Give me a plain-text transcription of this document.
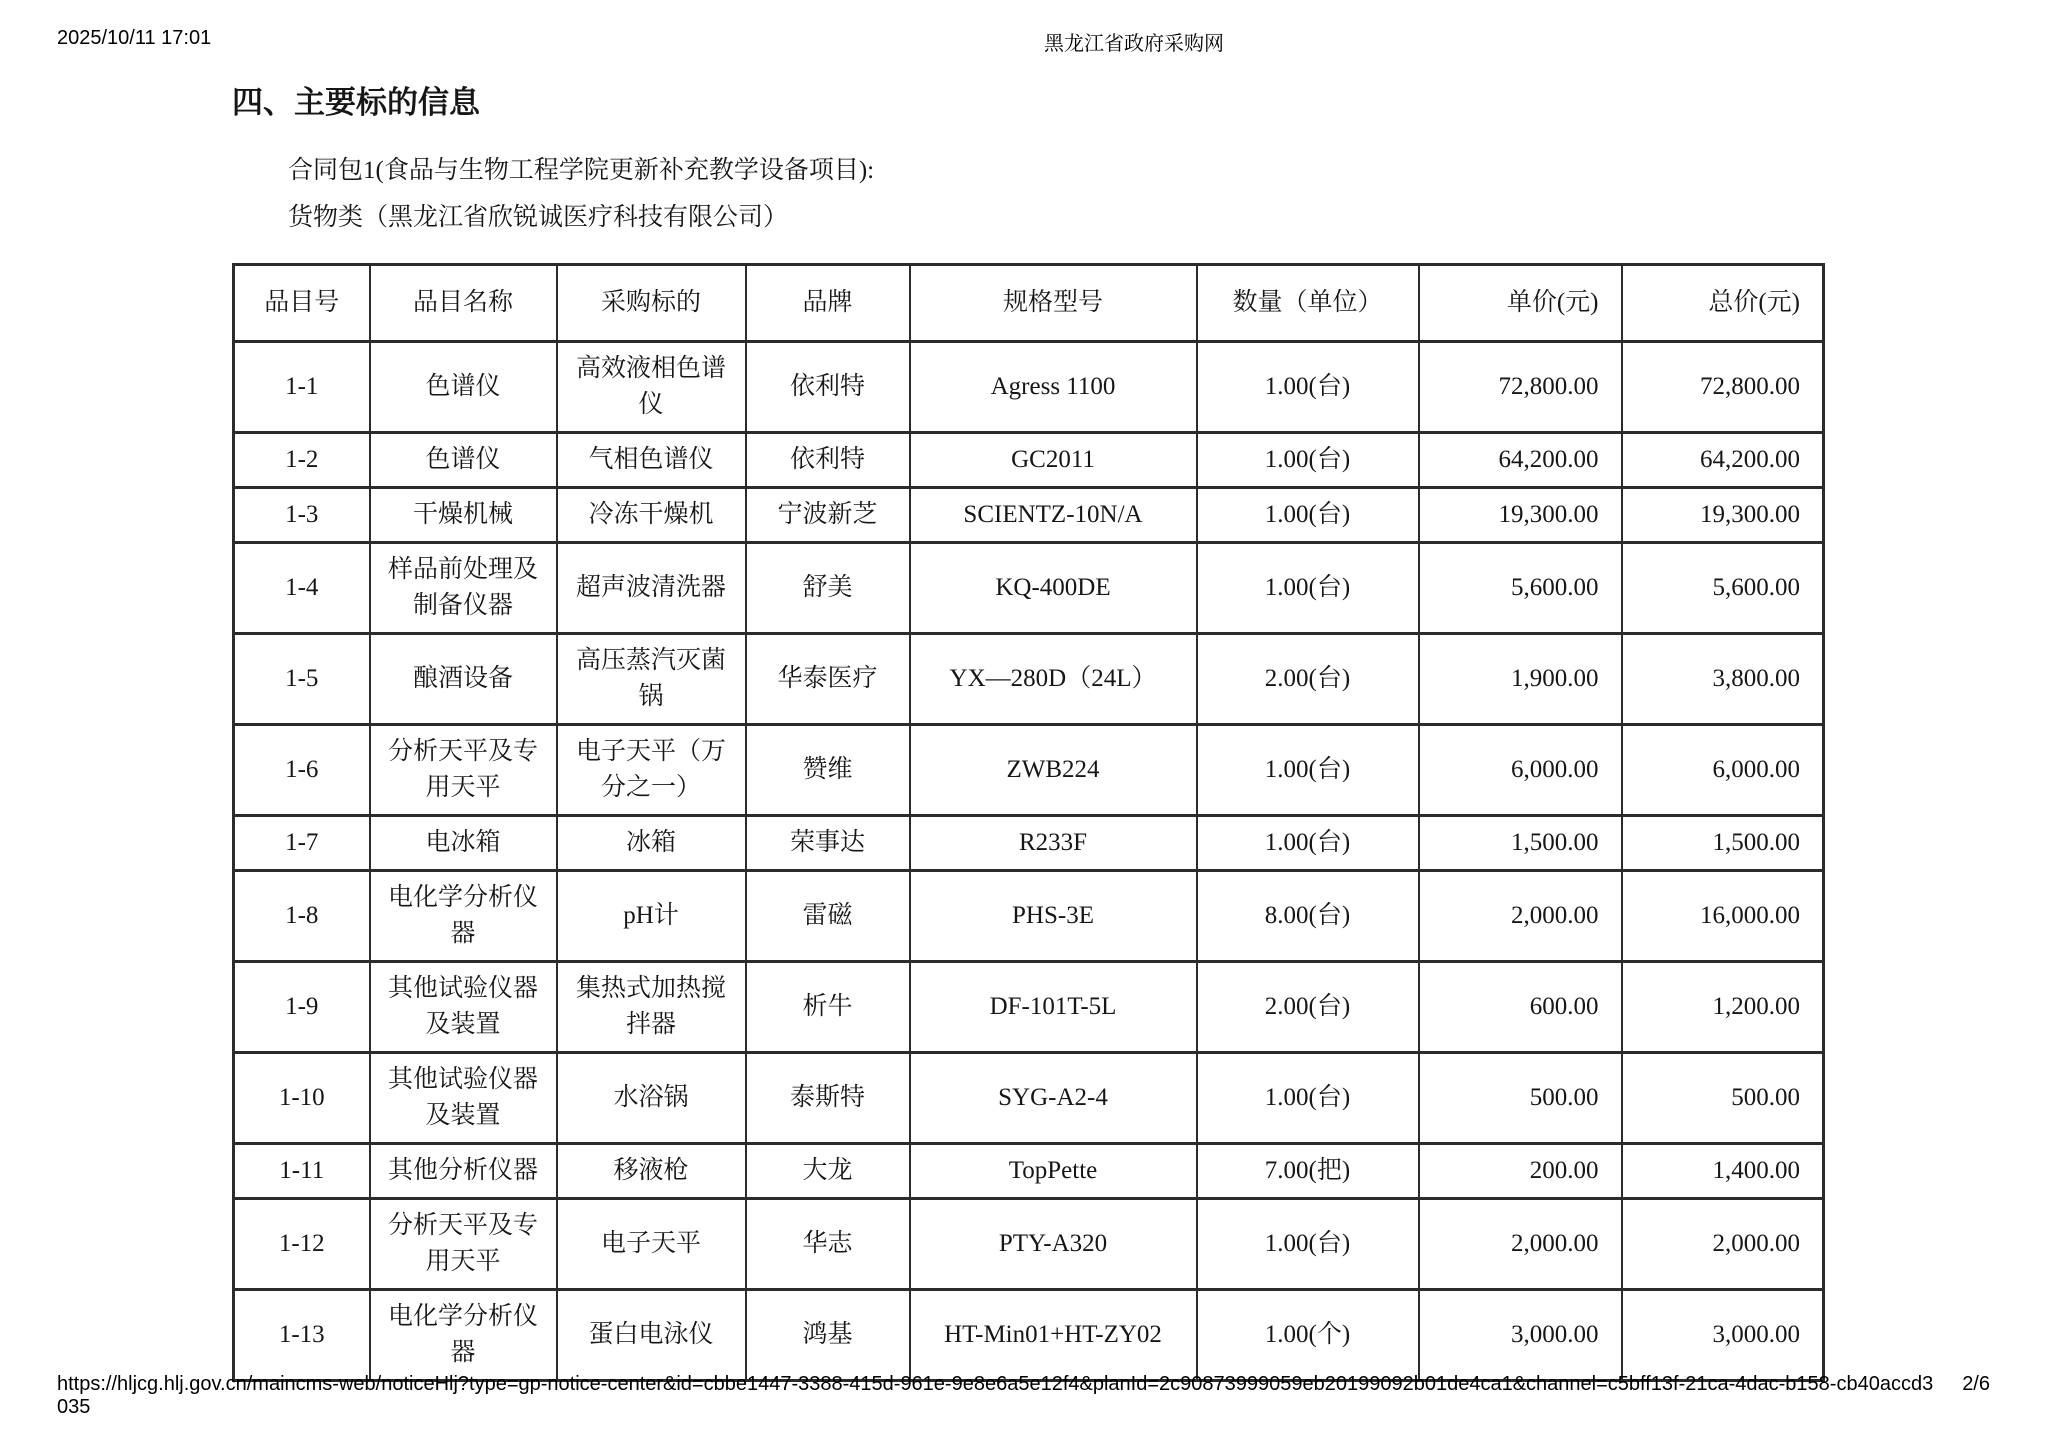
2025/10/11 17:01	黑龙江省政府采购网
四、主要标的信息

合同包1(食品与生物工程学院更新补充教学设备项目):

货物类（黑龙江省欣锐诚医疗科技有限公司）

品目号	品目名称	采购标的	品牌	规格型号	数量（单位）	单价(元)	总价(元)
1-1	色谱仪	高效液相色谱仪	依利特	Agress 1100	1.00(台)	72,800.00	72,800.00
1-2	色谱仪	气相色谱仪	依利特	GC2011	1.00(台)	64,200.00	64,200.00
1-3	干燥机械	冷冻干燥机	宁波新芝	SCIENTZ-10N/A	1.00(台)	19,300.00	19,300.00
1-4	样品前处理及制备仪器	超声波清洗器	舒美	KQ-400DE	1.00(台)	5,600.00	5,600.00
1-5	酿酒设备	高压蒸汽灭菌锅	华泰医疗	YX—280D（24L）	2.00(台)	1,900.00	3,800.00
1-6	分析天平及专用天平	电子天平（万分之一）	赞维	ZWB224	1.00(台)	6,000.00	6,000.00
1-7	电冰箱	冰箱	荣事达	R233F	1.00(台)	1,500.00	1,500.00
1-8	电化学分析仪器	pH计	雷磁	PHS-3E	8.00(台)	2,000.00	16,000.00
1-9	其他试验仪器及装置	集热式加热搅拌器	析牛	DF-101T-5L	2.00(台)	600.00	1,200.00
1-10	其他试验仪器及装置	水浴锅	泰斯特	SYG-A2-4	1.00(台)	500.00	500.00
1-11	其他分析仪器	移液枪	大龙	TopPette	7.00(把)	200.00	1,400.00
1-12	分析天平及专用天平	电子天平	华志	PTY-A320	1.00(台)	2,000.00	2,000.00
1-13	电化学分析仪器	蛋白电泳仪	鸿基	HT-Min01+HT-ZY02	1.00(个)	3,000.00	3,000.00
https://hljcg.hlj.gov.cn/maincms-web/noticeHlj?type=gp-notice-center&id=cbbe1447-3388-415d-961e-9e8e6a5e12f4&planId=2c90873999059eb20199092b01de4ca1&channel=c5bff13f-21ca-4dac-b158-cb40accd3035
2/6
